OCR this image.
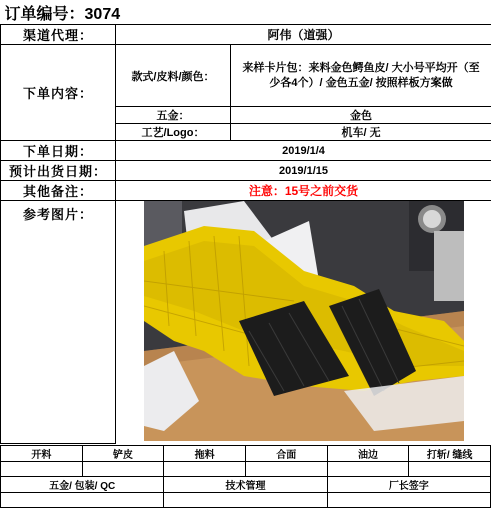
订单编号：3074		
渠道代理：	阿伟（道强）	
下单内容：	款式/皮料/颜色：	来样卡片包：来料金色鳄鱼皮/ 大小号平均开（至少各4个）/ 金色五金/ 按照样板方案做
	五金：	金色
	工艺/Logo：	机车/ 无
下单日期：	2019/1/4	
预计出货日期：	2019/1/15	
其他备注：	注意：15号之前交货	
参考图片：	
开料	铲皮	拖料	合面	油边	打斩/ 缝线

五金/ 包装/ QC		技术管理		厂长签字	
